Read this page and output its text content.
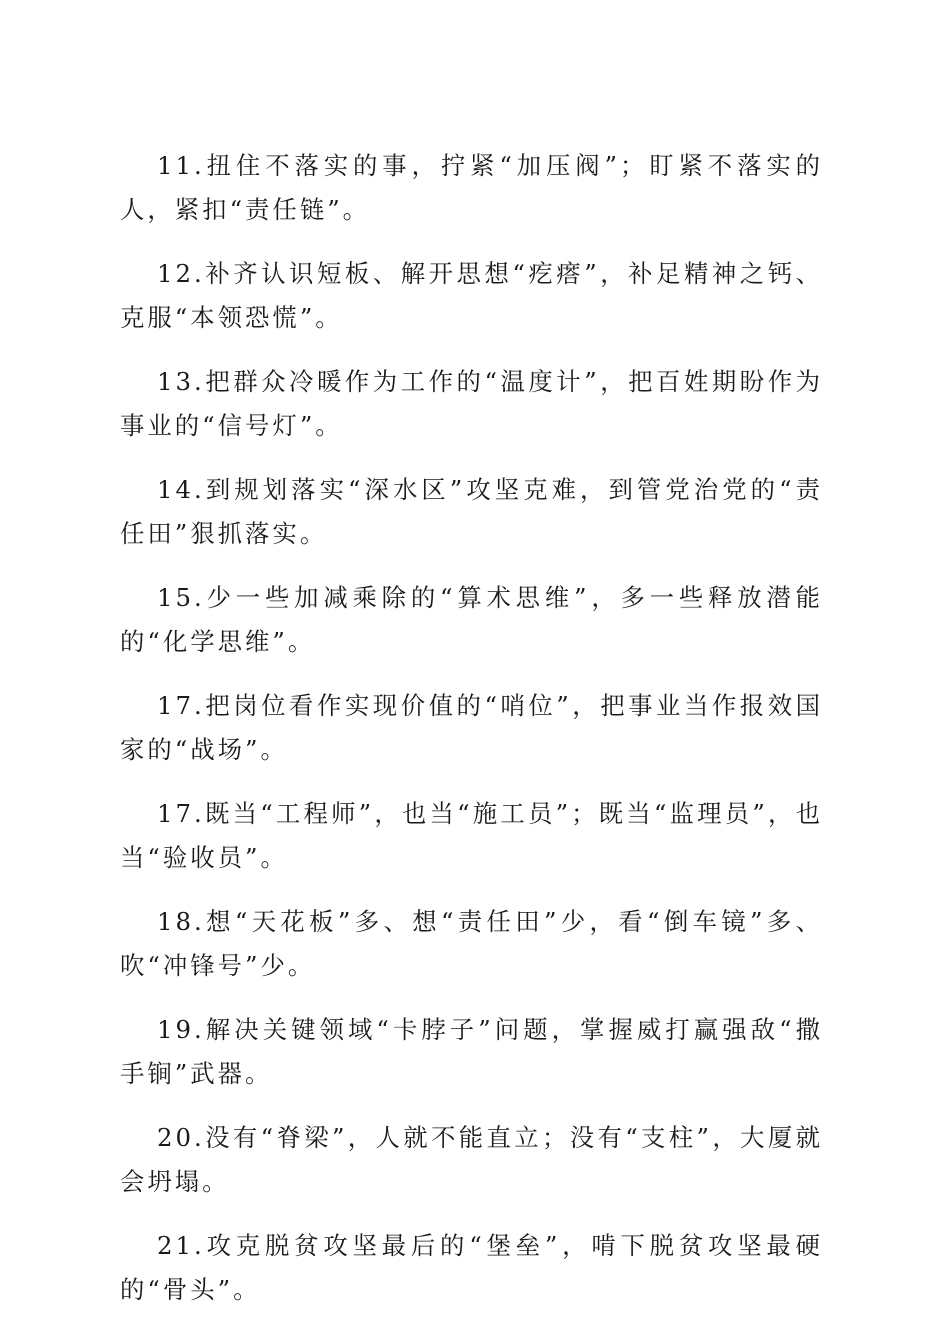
11.扭住不落实的事，拧紧“加压阀”；盯紧不落实的人，紧扣“责任链”。

12.补齐认识短板、解开思想“疙瘩”，补足精神之钙、克服“本领恐慌”。

13.把群众冷暖作为工作的“温度计”，把百姓期盼作为事业的“信号灯”。

14.到规划落实“深水区”攻坚克难，到管党治党的“责任田”狠抓落实。

15.少一些加减乘除的“算术思维”，多一些释放潜能的“化学思维”。

17.把岗位看作实现价值的“哨位”，把事业当作报效国家的“战场”。

17.既当“工程师”，也当“施工员”；既当“监理员”，也当“验收员”。

18.想“天花板”多、想“责任田”少，看“倒车镜”多、吹“冲锋号”少。

19.解决关键领域“卡脖子”问题，掌握威打赢强敌“撒手锏”武器。

20.没有“脊梁”，人就不能直立；没有“支柱”，大厦就会坍塌。

21.攻克脱贫攻坚最后的“堡垒”，啃下脱贫攻坚最硬的“骨头”。
